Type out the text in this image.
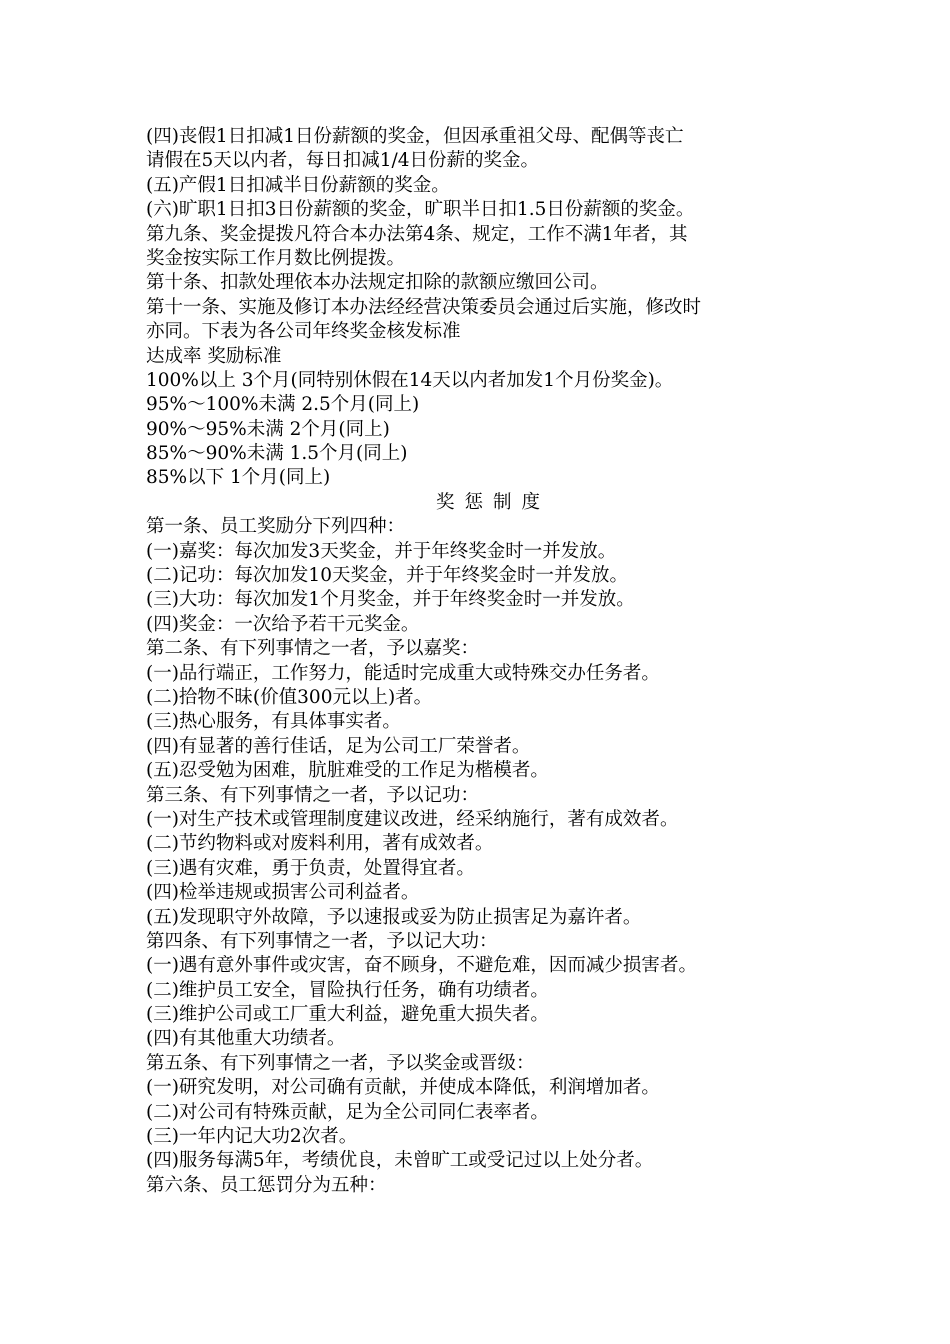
(四)丧假1日扣减1日份薪额的奖金，但因承重祖父母、配偶等丧亡
请假在5天以内者，每日扣减1/4日份薪的奖金。
(五)产假1日扣减半日份薪额的奖金。
(六)旷职1日扣3日份薪额的奖金，旷职半日扣1.5日份薪额的奖金。
第九条、奖金提拨凡符合本办法第4条、规定，工作不满1年者，其
奖金按实际工作月数比例提拨。
第十条、扣款处理依本办法规定扣除的款额应缴回公司。
第十一条、实施及修订本办法经经营决策委员会通过后实施，修改时
亦同。下表为各公司年终奖金核发标准
达成率 奖励标准
100%以上 3个月(同特别休假在14天以内者加发1个月份奖金)。
95%～100%未满 2.5个月(同上)
90%～95%未满 2个月(同上)
85%～90%未满 1.5个月(同上)
85%以下 1个月(同上)
奖惩制度
第一条、员工奖励分下列四种：
(一)嘉奖：每次加发3天奖金，并于年终奖金时一并发放。
(二)记功：每次加发10天奖金，并于年终奖金时一并发放。
(三)大功：每次加发1个月奖金，并于年终奖金时一并发放。
(四)奖金：一次给予若干元奖金。
第二条、有下列事情之一者，予以嘉奖：
(一)品行端正，工作努力，能适时完成重大或特殊交办任务者。
(二)拾物不昧(价值300元以上)者。
(三)热心服务，有具体事实者。
(四)有显著的善行佳话，足为公司工厂荣誉者。
(五)忍受勉为困难，肮脏难受的工作足为楷模者。
第三条、有下列事情之一者，予以记功：
(一)对生产技术或管理制度建议改进，经采纳施行，著有成效者。
(二)节约物料或对废料利用，著有成效者。
(三)遇有灾难，勇于负责，处置得宜者。
(四)检举违规或损害公司利益者。
(五)发现职守外故障，予以速报或妥为防止损害足为嘉许者。
第四条、有下列事情之一者，予以记大功：
(一)遇有意外事件或灾害，奋不顾身，不避危难，因而减少损害者。
(二)维护员工安全，冒险执行任务，确有功绩者。
(三)维护公司或工厂重大利益，避免重大损失者。
(四)有其他重大功绩者。
第五条、有下列事情之一者，予以奖金或晋级：
(一)研究发明，对公司确有贡献，并使成本降低，利润增加者。
(二)对公司有特殊贡献，足为全公司同仁表率者。
(三)一年内记大功2次者。
(四)服务每满5年，考绩优良，未曾旷工或受记过以上处分者。
第六条、员工惩罚分为五种：
